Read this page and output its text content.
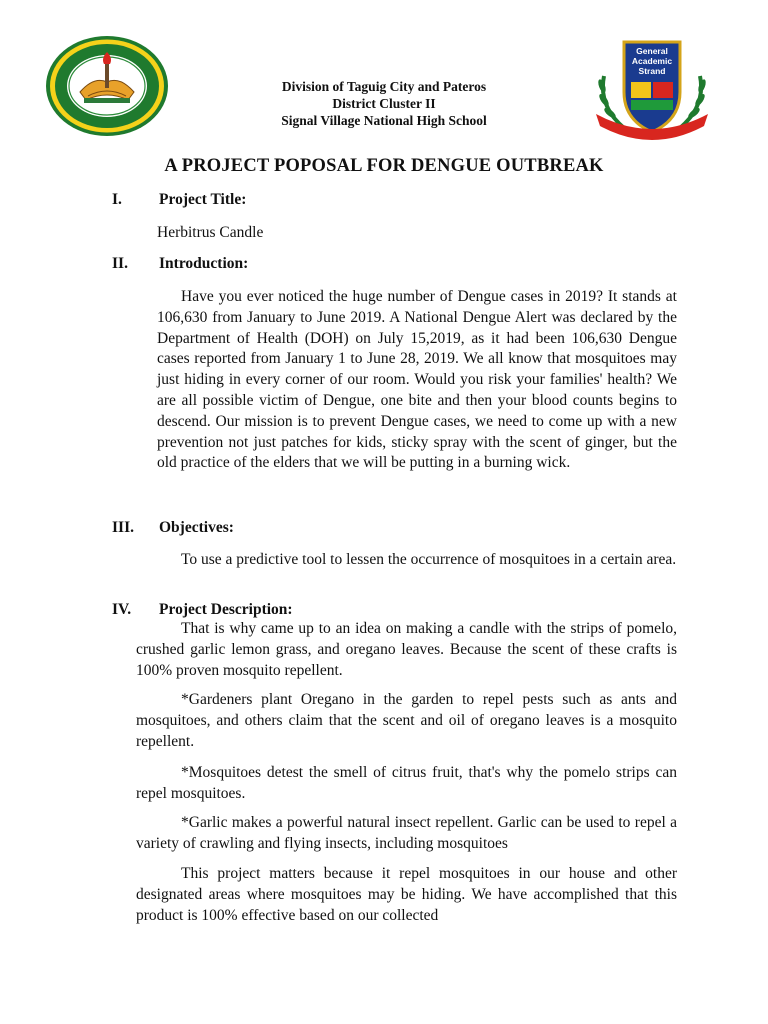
General
Academic
Strand
Division of Taguig City and Pateros
District Cluster II
Signal Village National High School
A PROJECT POPOSAL FOR DENGUE OUTBREAK
I. Project Title:
Herbitrus Candle
II. Introduction:
Have you ever noticed the huge number of Dengue cases in 2019? It stands at 106,630 from January to June 2019. A National Dengue Alert was declared by the Department of Health (DOH) on July 15,2019, as it had been 106,630 Dengue cases reported from January 1 to June 28, 2019. We all know that mosquitoes may just hiding in every corner of our room. Would you risk your families' health? We are all possible victim of Dengue, one bite and then your blood counts begins to descend. Our mission is to prevent Dengue cases, we need to come up with a new prevention not just patches for kids, sticky spray with the scent of ginger, but the old practice of the elders that we will be putting in a burning wick.
III. Objectives:
To use a predictive tool to lessen the occurrence of mosquitoes in a certain area.
IV. Project Description:
That is why came up to an idea on making a candle with the strips of pomelo, crushed garlic lemon grass, and oregano leaves. Because the scent of these crafts is 100% proven mosquito repellent.
*Gardeners plant Oregano in the garden to repel pests such as ants and mosquitoes, and others claim that the scent and oil of oregano leaves is a mosquito repellent.
*Mosquitoes detest the smell of citrus fruit, that's why the pomelo strips can repel mosquitoes.
*Garlic makes a powerful natural insect repellent. Garlic can be used to repel a variety of crawling and flying insects, including mosquitoes
This project matters because it repel mosquitoes in our house and other designated areas where mosquitoes may be hiding. We have accomplished that this product is 100% effective based on our collected
